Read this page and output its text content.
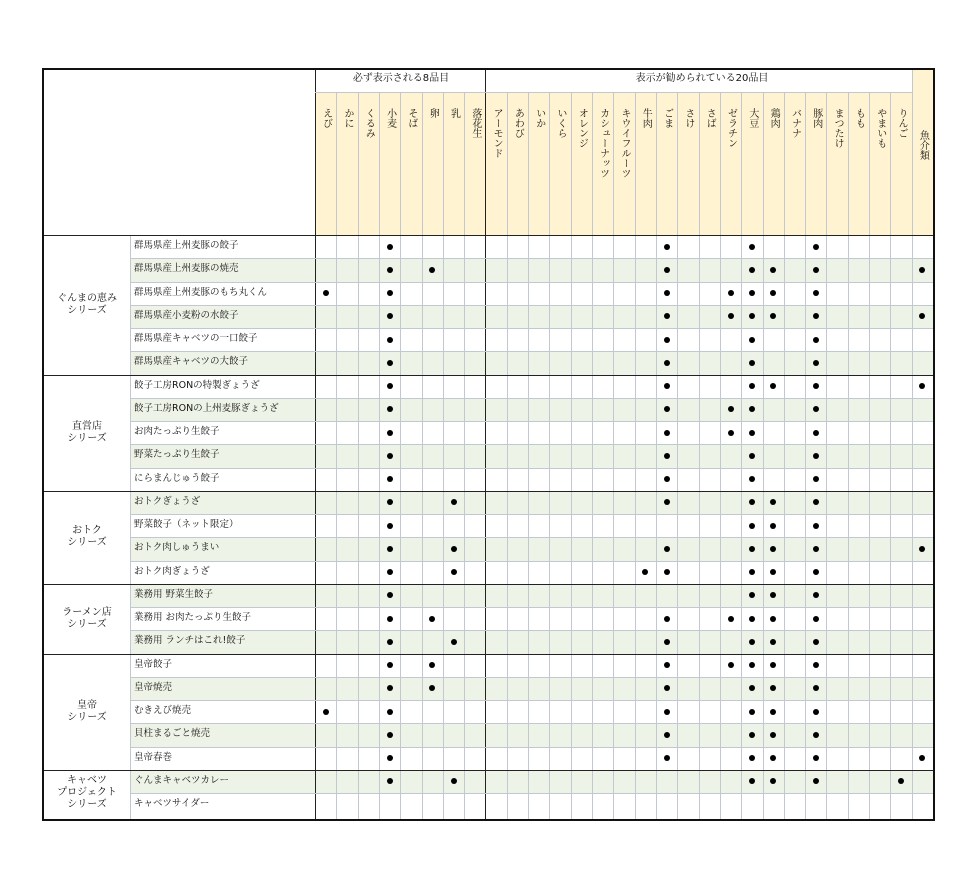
必ず表示される8品目	表示が勧められている20品目
群馬県産上州麦豚の餃子
群馬県産上州麦豚の焼売
群馬県産上州麦豚のもち丸くん
群馬県産小麦粉の水餃子
群馬県産キャベツの一口餃子
群馬県産キャベツの大餃子
ぐんまの恵み
シリーズ
餃子工房RONの特製ぎょうざ
餃子工房RONの上州麦豚ぎょうざ
お肉たっぷり生餃子
野菜たっぷり生餃子
にらまんじゅう餃子
直営店
シリーズ
おトクぎょうざ
野菜餃子（ネット限定）
おトク肉しゅうまい
おトク肉ぎょうざ
おトク
シリーズ
業務用 野菜生餃子
業務用 お肉たっぷり生餃子
業務用 ランチはこれ!餃子
ラーメン店
シリーズ
皇帝餃子
皇帝焼売
むきえび焼売
貝柱まるごと焼売
皇帝春巻
皇帝
シリーズ
ぐんまキャベツカレー
キャベツサイダー
キャベツ
プロジェクト
シリーズ
えび かに くるみ 小麦 そば 卵 乳 落花生 アーモンド あわび いか いくら オレンジ カシューナッツ キウイフルーツ 牛肉 ごま さけ さば ゼラチン 大豆 鶏肉 バナナ 豚肉 まつたけ もも やまいも りんご
魚介類
